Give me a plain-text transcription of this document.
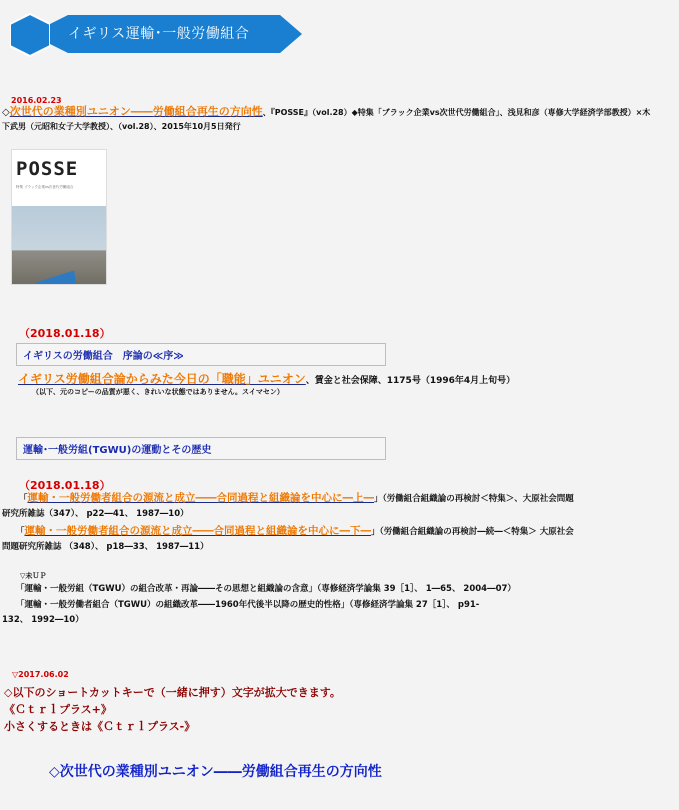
イギリス運輸･一般労働組合
2016.02.23
◇次世代の業種別ユニオン――労働組合再生の方向性、『POSSE』（vol.28）◆特集「ブラック企業vs次世代労働組合」、浅見和彦（専修大学経済学部教授）×木
下武男（元昭和女子大学教授）、（vol.28）、2015年10月5日発行
POSSE
特集 ブラック企業vs次世代労働組合
（2018.01.18）
イギリスの労働組合　序論の≪序≫
イギリス労働組合論からみた今日の「職能」ユニオン、賃金と社会保障、1175号（1996年4月上旬号）
（以下、元のコピーの品質が悪く、きれいな状態ではありません。スイマセン）
運輸･一般労組(TGWU)の運動とその歴史
（2018.01.18）
「運輸・一般労働者組合の源流と成立――合同過程と組織論を中心に―上―」（労働組合組織論の再検討＜特集＞、大原社会問題
研究所雑誌（347）、 p22―41、 1987―10）
「運輸・一般労働者組合の源流と成立――合同過程と組織論を中心に―下―」（労働組合組織論の再検討―続―＜特集＞ 大原社会
問題研究所雑誌 （348）、 p18―33、 1987―11）
▽未ＵＰ
「運輸・一般労組（TGWU）の組合改革・再論――その思想と組織論の含意」（専修経済学論集 39［1］、 1―65、 2004―07）
「運輸・一般労働者組合（TGWU）の組織改革――1960年代後半以降の歴史的性格」（専修経済学論集 27［1］、 p91-
132、 1992―10）
▽2017.06.02
◇以下のショートカットキーで（一緒に押す）文字が拡大できます。
《Ｃｔｒｌプラス+》
小さくするときは《Ｃｔｒｌプラス-》
◇次世代の業種別ユニオン――労働組合再生の方向性
